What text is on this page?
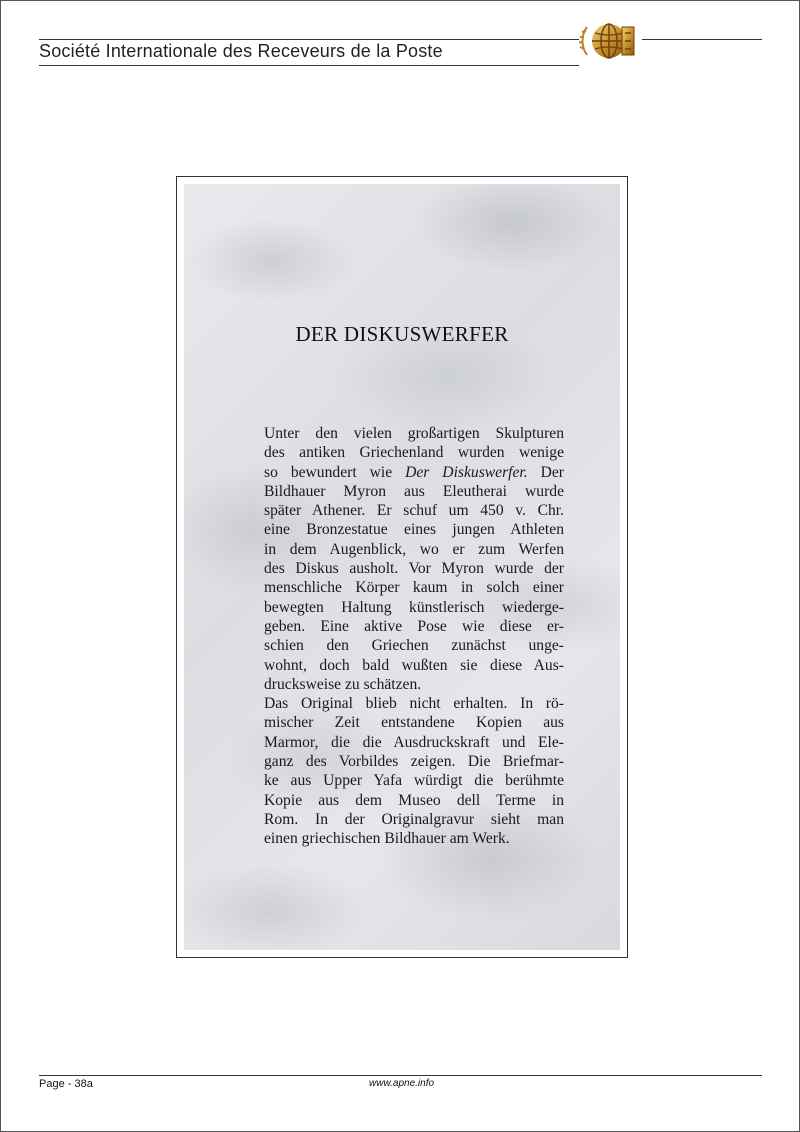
Société Internationale des Receveurs de la Poste
DER DISKUSWERFER
Unter den vielen großartigen Skulpturen
des antiken Griechenland wurden wenige
so bewundert wie Der Diskuswerfer. Der
Bildhauer Myron aus Eleutherai wurde
später Athener. Er schuf um 450 v. Chr.
eine Bronzestatue eines jungen Athleten
in dem Augenblick, wo er zum Werfen
des Diskus ausholt. Vor Myron wurde der
menschliche Körper kaum in solch einer
bewegten Haltung künstlerisch wiederge-
geben. Eine aktive Pose wie diese er-
schien den Griechen zunächst unge-
wohnt, doch bald wußten sie diese Aus-
drucksweise zu schätzen.
Das Original blieb nicht erhalten. In rö-
mischer Zeit entstandene Kopien aus
Marmor, die die Ausdruckskraft und Ele-
ganz des Vorbildes zeigen. Die Briefmar-
ke aus Upper Yafa würdigt die berühmte
Kopie aus dem Museo dell Terme in
Rom. In der Originalgravur sieht man
einen griechischen Bildhauer am Werk.
Page - 38a	www.apne.info
